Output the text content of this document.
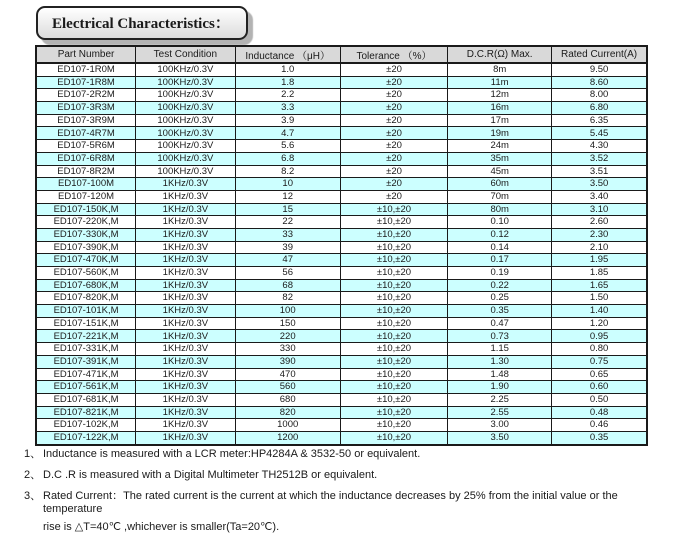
Electrical Characteristics：
Part Number	Test Condition	Inductance （μH）	Tolerance （%）	D.C.R(Ω) Max.	Rated Current(A)
ED107-1R0M	100KHz/0.3V	1.0	±20	8m	9.50
ED107-1R8M	100KHz/0.3V	1.8	±20	11m	8.60
ED107-2R2M	100KHz/0.3V	2.2	±20	12m	8.00
ED107-3R3M	100KHz/0.3V	3.3	±20	16m	6.80
ED107-3R9M	100KHz/0.3V	3.9	±20	17m	6.35
ED107-4R7M	100KHz/0.3V	4.7	±20	19m	5.45
ED107-5R6M	100KHz/0.3V	5.6	±20	24m	4.30
ED107-6R8M	100KHz/0.3V	6.8	±20	35m	3.52
ED107-8R2M	100KHz/0.3V	8.2	±20	45m	3.51
ED107-100M	1KHz/0.3V	10	±20	60m	3.50
ED107-120M	1KHz/0.3V	12	±20	70m	3.40
ED107-150K,M	1KHz/0.3V	15	±10,±20	80m	3.10
ED107-220K,M	1KHz/0.3V	22	±10,±20	0.10	2.60
ED107-330K,M	1KHz/0.3V	33	±10,±20	0.12	2.30
ED107-390K,M	1KHz/0.3V	39	±10,±20	0.14	2.10
ED107-470K,M	1KHz/0.3V	47	±10,±20	0.17	1.95
ED107-560K,M	1KHz/0.3V	56	±10,±20	0.19	1.85
ED107-680K,M	1KHz/0.3V	68	±10,±20	0.22	1.65
ED107-820K,M	1KHz/0.3V	82	±10,±20	0.25	1.50
ED107-101K,M	1KHz/0.3V	100	±10,±20	0.35	1.40
ED107-151K,M	1KHz/0.3V	150	±10,±20	0.47	1.20
ED107-221K,M	1KHz/0.3V	220	±10,±20	0.73	0.95
ED107-331K,M	1KHz/0.3V	330	±10,±20	1.15	0.80
ED107-391K,M	1KHz/0.3V	390	±10,±20	1.30	0.75
ED107-471K,M	1KHz/0.3V	470	±10,±20	1.48	0.65
ED107-561K,M	1KHz/0.3V	560	±10,±20	1.90	0.60
ED107-681K,M	1KHz/0.3V	680	±10,±20	2.25	0.50
ED107-821K,M	1KHz/0.3V	820	±10,±20	2.55	0.48
ED107-102K,M	1KHz/0.3V	1000	±10,±20	3.00	0.46
ED107-122K,M	1KHz/0.3V	1200	±10,±20	3.50	0.35
1、 Inductance is measured with a LCR meter:HP4284A & 3532-50 or equivalent.
2、 D.C .R is measured with a Digital Multimeter TH2512B or equivalent.
3、 Rated Current：The rated current is the current at which the inductance decreases by 25% from the initial value or the temperature
rise is △T=40℃ ,whichever is smaller(Ta=20℃).
